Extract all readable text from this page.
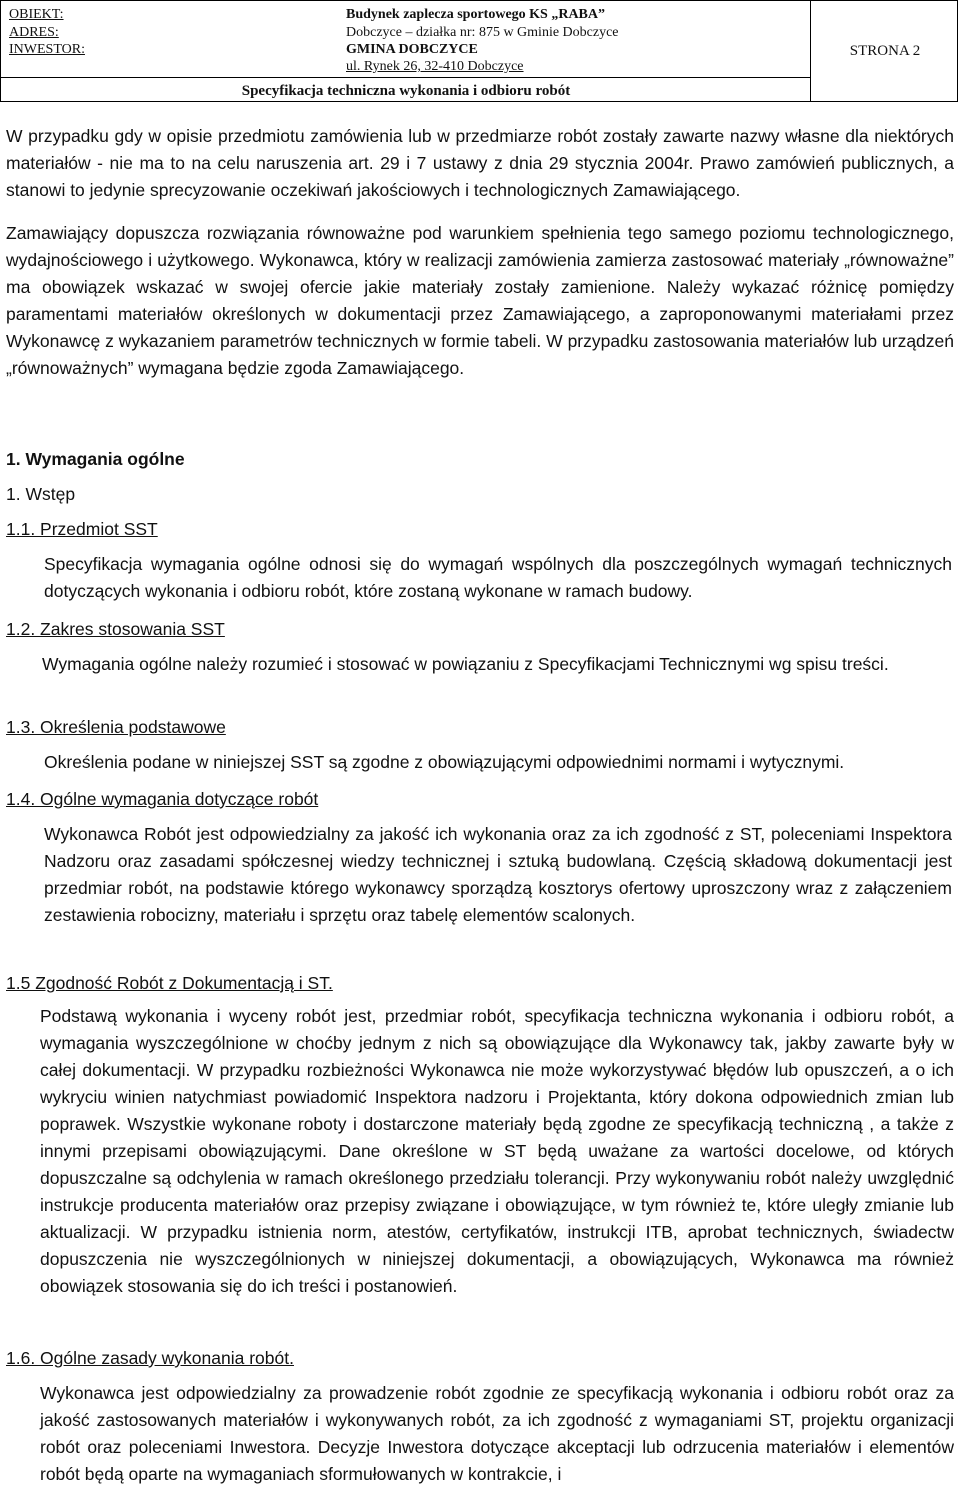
OBIEKT:	Budynek zaplecza sportowego KS „RABA”
ADRES:	Dobczyce – działka nr: 875 w Gminie Dobczyce
INWESTOR:	GMINA DOBCZYCE
ul. Rynek 26, 32-410 Dobczyce
Specyfikacja techniczna wykonania i odbioru robót
STRONA 2
W przypadku gdy w opisie przedmiotu zamówienia lub w przedmiarze robót zostały zawarte nazwy własne dla niektórych materiałów - nie ma to na celu naruszenia art. 29 i 7 ustawy z dnia 29 stycznia 2004r. Prawo zamówień publicznych, a stanowi to jedynie sprecyzowanie oczekiwań jakościowych i technologicznych Zamawiającego.
Zamawiający dopuszcza rozwiązania równoważne pod warunkiem spełnienia tego samego poziomu technologicznego, wydajnościowego i użytkowego. Wykonawca, który w realizacji zamówienia zamierza zastosować materiały „równoważne” ma obowiązek wskazać w swojej ofercie jakie materiały zostały zamienione. Należy wykazać różnicę pomiędzy paramentami materiałów określonych w dokumentacji przez Zamawiającego, a zaproponowanymi materiałami przez Wykonawcę z wykazaniem parametrów technicznych w formie tabeli. W przypadku zastosowania materiałów lub urządzeń „równoważnych” wymagana będzie zgoda Zamawiającego.
1. Wymagania ogólne
1. Wstęp
1.1. Przedmiot SST
Specyfikacja wymagania ogólne odnosi się do wymagań wspólnych dla poszczególnych wymagań technicznych dotyczących wykonania i odbioru robót, które zostaną wykonane w ramach budowy.
1.2. Zakres stosowania SST
Wymagania ogólne należy rozumieć i stosować w powiązaniu z Specyfikacjami Technicznymi wg spisu treści.
1.3. Określenia podstawowe
Określenia podane w niniejszej SST są zgodne z obowiązującymi odpowiednimi normami i wytycznymi.
1.4. Ogólne wymagania dotyczące robót
Wykonawca Robót jest odpowiedzialny za jakość ich wykonania oraz za ich zgodność z ST, poleceniami Inspektora Nadzoru oraz zasadami spółczesnej wiedzy technicznej i sztuką budowlaną. Częścią składową dokumentacji jest przedmiar robót, na podstawie którego wykonawcy sporządzą kosztorys ofertowy uproszczony wraz z załączeniem zestawienia robocizny, materiału i sprzętu oraz tabelę elementów scalonych.
1.5 Zgodność Robót z Dokumentacją i ST.
Podstawą wykonania i wyceny robót jest, przedmiar robót, specyfikacja techniczna wykonania i odbioru robót, a wymagania wyszczególnione w choćby jednym z nich są obowiązujące dla Wykonawcy tak, jakby zawarte były w całej dokumentacji. W przypadku rozbieżności Wykonawca nie może wykorzystywać błędów lub opuszczeń, a o ich wykryciu winien natychmiast powiadomić Inspektora nadzoru i Projektanta, który dokona odpowiednich zmian lub poprawek. Wszystkie wykonane roboty i dostarczone materiały będą zgodne ze specyfikacją techniczną , a także z innymi przepisami obowiązującymi. Dane określone w ST będą uważane za wartości docelowe, od których dopuszczalne są odchylenia w ramach określonego przedziału tolerancji. Przy wykonywaniu robót należy uwzględnić instrukcje producenta materiałów oraz przepisy związane i obowiązujące, w tym również te, które uległy zmianie lub aktualizacji. W przypadku istnienia norm, atestów, certyfikatów, instrukcji ITB, aprobat technicznych, świadectw dopuszczenia nie wyszczególnionych w niniejszej dokumentacji, a obowiązujących, Wykonawca ma również obowiązek stosowania się do ich treści i postanowień.
1.6. Ogólne zasady wykonania robót.
Wykonawca jest odpowiedzialny za prowadzenie robót zgodnie ze specyfikacją wykonania i odbioru robót oraz za jakość zastosowanych materiałów i wykonywanych robót, za ich zgodność z wymaganiami ST, projektu organizacji robót oraz poleceniami Inwestora. Decyzje Inwestora dotyczące akceptacji lub odrzucenia materiałów i elementów robót będą oparte na wymaganiach sformułowanych w kontrakcie, i
